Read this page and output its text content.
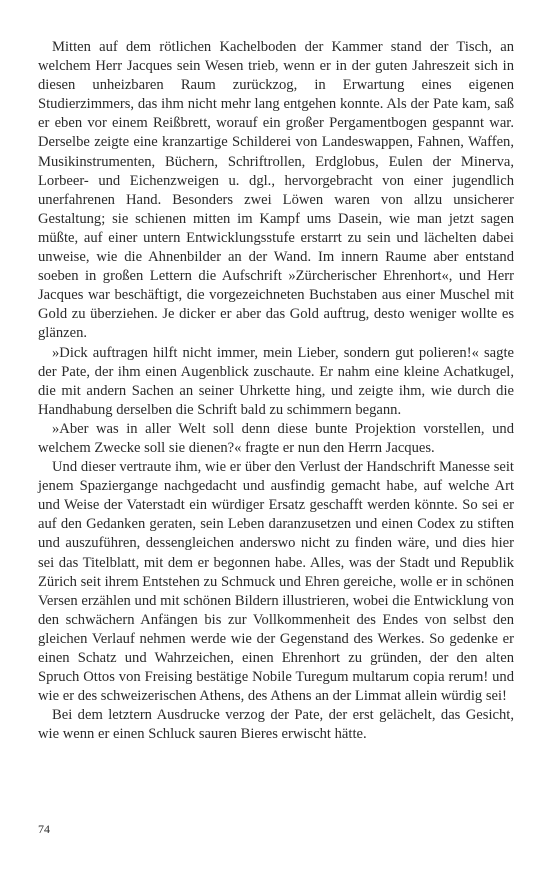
Mitten auf dem rötlichen Kachelboden der Kammer stand der Tisch, an welchem Herr Jacques sein Wesen trieb, wenn er in der guten Jahreszeit sich in diesen unheizbaren Raum zurückzog, in Erwartung eines eigenen Studierzimmers, das ihm nicht mehr lang entgehen konnte. Als der Pate kam, saß er eben vor einem Reißbrett, worauf ein großer Pergamentbogen gespannt war. Derselbe zeigte eine kranzartige Schilderei von Landeswappen, Fahnen, Waffen, Musikinstrumenten, Büchern, Schriftrollen, Erdglobus, Eulen der Minerva, Lorbeer- und Eichenzweigen u. dgl., hervorgebracht von einer jugendlich unerfahrenen Hand. Besonders zwei Löwen waren von allzu unsicherer Gestaltung; sie schienen mitten im Kampf ums Dasein, wie man jetzt sagen müßte, auf einer untern Entwicklungsstufe erstarrt zu sein und lächelten dabei unweise, wie die Ahnenbilder an der Wand. Im innern Raume aber entstand soeben in großen Lettern die Aufschrift »Zürcherischer Ehrenhort«, und Herr Jacques war beschäftigt, die vorgezeichneten Buchstaben aus einer Muschel mit Gold zu überziehen. Je dicker er aber das Gold auftrug, desto weniger wollte es glänzen.

»Dick auftragen hilft nicht immer, mein Lieber, sondern gut polieren!« sagte der Pate, der ihm einen Augenblick zuschaute. Er nahm eine kleine Achatkugel, die mit andern Sachen an seiner Uhrkette hing, und zeigte ihm, wie durch die Handhabung derselben die Schrift bald zu schimmern begann.

»Aber was in aller Welt soll denn diese bunte Projektion vorstellen, und welchem Zwecke soll sie dienen?« fragte er nun den Herrn Jacques.

Und dieser vertraute ihm, wie er über den Verlust der Handschrift Manesse seit jenem Spaziergange nachgedacht und ausfindig gemacht habe, auf welche Art und Weise der Vaterstadt ein würdiger Ersatz geschafft werden könnte. So sei er auf den Gedanken geraten, sein Leben daranzusetzen und einen Codex zu stiften und auszuführen, dessengleichen anderswo nicht zu finden wäre, und dies hier sei das Titelblatt, mit dem er begonnen habe. Alles, was der Stadt und Republik Zürich seit ihrem Entstehen zu Schmuck und Ehren gereiche, wolle er in schönen Versen erzählen und mit schönen Bildern illustrieren, wobei die Entwicklung von den schwächern Anfängen bis zur Vollkommenheit des Endes von selbst den gleichen Verlauf nehmen werde wie der Gegenstand des Werkes. So gedenke er einen Schatz und Wahrzeichen, einen Ehrenhort zu gründen, der den alten Spruch Ottos von Freising bestätige Nobile Turegum multarum copia rerum! und wie er des schweizerischen Athens, des Athens an der Limmat allein würdig sei!

Bei dem letztern Ausdrucke verzog der Pate, der erst gelächelt, das Gesicht, wie wenn er einen Schluck sauren Bieres erwischt hätte.

74
